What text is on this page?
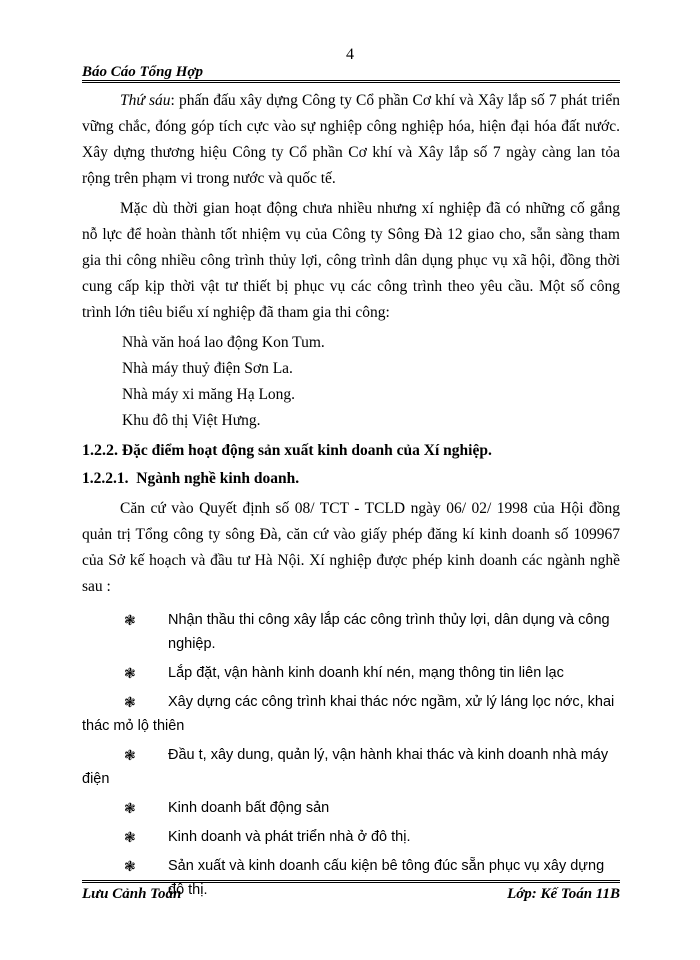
4
Báo Cáo Tổng Hợp

Thứ sáu: phấn đấu xây dựng Công ty Cổ phần Cơ khí và Xây lắp số 7 phát triển vững chắc, đóng góp tích cực vào sự nghiệp công nghiệp hóa, hiện đại hóa đất nước. Xây dựng thương hiệu Công ty Cổ phần Cơ khí và Xây lắp số 7 ngày càng lan tỏa rộng trên phạm vi trong nước và quốc tế.

Mặc dù thời gian hoạt động chưa nhiều nhưng xí nghiệp đã có những cố gắng nỗ lực để hoàn thành tốt nhiệm vụ của Công ty Sông Đà 12 giao cho, sẵn sàng tham gia thi công nhiều công trình thủy lợi, công trình dân dụng phục vụ xã hội, đồng thời cung cấp kịp thời vật tư thiết bị phục vụ các công trình theo yêu cầu. Một số công trình lớn tiêu biểu xí nghiệp đã tham gia thi công:

Nhà văn hoá lao động Kon Tum.

Nhà máy thuỷ điện Sơn La.

Nhà máy xi măng Hạ Long.

Khu đô thị Việt Hưng.

1.2.2. Đặc điểm hoạt động sản xuất kinh doanh của Xí nghiệp.

1.2.2.1. Ngành nghề kinh doanh.

Căn cứ vào Quyết định số 08/ TCT - TCLD ngày 06/ 02/ 1998 của Hội đồng quản trị Tổng công ty sông Đà, căn cứ vào giấy phép đăng kí kinh doanh số 109967 của Sở kế hoạch và đầu tư Hà Nội. Xí nghiệp được phép kinh doanh các ngành nghề sau :

❃ Nhận thầu thi công xây lắp các công trình thủy lợi, dân dụng và công nghiệp.
❃ Lắp đặt, vận hành kinh doanh khí nén, mạng thông tin liên lạc
❃ Xây dựng các công trình khai thác nớc ngầm, xử lý láng lọc nớc, khai thác mỏ lộ thiên
❃ Đầu t, xây dung, quản lý, vận hành khai thác và kinh doanh nhà máy điện
❃ Kinh doanh bất động sản
❃ Kinh doanh và phát triển nhà ở đô thị.
❃ Sản xuất và kinh doanh cấu kiện bê tông đúc sẵn phục vụ xây dựng đô thị.
Lưu Cảnh Toàn	Lớp: Kế Toán 11B
